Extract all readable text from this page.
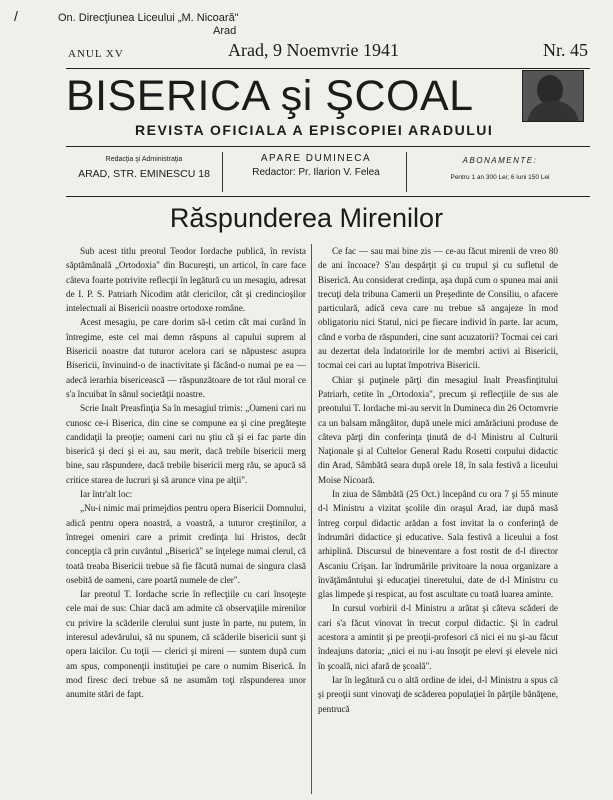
/	On. Direcţiunea Liceului „M. Nicoară"
Arad
ANUL XV	Arad, 9 Noemvrie 1941	Nr. 45
BISERICA şi ŞCOAL
REVISTA OFICIALA A EPISCOPIEI ARADULUI
Redacţia şi Administraţia
ARAD, STR. EMINESCU 18
APARE DUMINECA
Redactor: Pr. Ilarion V. Felea
ABONAMENTE:
Pentru 1 an 300 Lei; 6 luni 150 Lei
Răspunderea Mirenilor

Sub acest titlu preotul Teodor Iordache publică, în revista săptămânală „Ortodoxia" din Bucureşti, un articol, în care face câteva foarte potrivite reflecţii în legătură cu un mesagiu, adresat de I. P. S. Patriarh Nicodim atât clericilor, cât şi credincioşilor intelectuali ai Bisericii noastre ortodoxe române.

Acest mesagiu, pe care dorim să-l cetim cât mai curând în întregime, este cel mai demn răspuns al capului suprem al Bisericii noastre dat tuturor acelora cari se năpustesc asupra Bisericii, învinuind-o de inactivitate şi făcând-o numai pe ea — adecă ierarhia bisericească — răspunzătoare de tot răul moral ce s'a încuibat în sânul societăţii noastre.

Scrie Inalt Preasfinţia Sa în mesagiul trimis: „Oameni cari nu cunosc ce-i Biserica, din cine se compune ea şi cine pregăteşte candidaţii la preoţie; oameni cari nu ştiu că şi ei fac parte din biserică şi deci şi ei au, sau merit, dacă trebile bisericii merg bine, sau răspundere, dacă trebile bisericii merg rău, se apucă să critice starea de lucruri şi să arunce vina pe alţii".

Iar într'alt loc:

„Nu-i nimic mai primejdios pentru opera Bisericii Domnului, adică pentru opera noastră, a voastră, a tuturor creştinilor, a întregei omeniri care a primit credinţa lui Hristos, decât concepţia că prin cuvântul „Biserică" se înţelege numai clerul, că toată treaba Bisericii trebue să fie făcută numai de singura clasă osebită de oameni, care poartă numele de cler".

Iar preotul T. Iordache scrie în reflecţiile cu cari însoţeşte cele mai de sus: Chiar dacă am admite că observaţiile mirenilor cu privire la scăderile clerului sunt juste în parte, nu putem, în interesul adevărului, să nu spunem, că scăderile bisericii sunt şi opera laicilor. Cu toţii — clerici şi mireni — suntem după cum am spus, componenţii instituţiei pe care o numim Biserică. In mod firesc deci trebue să ne asumăm toţi răspunderea unor anumite stări de fapt.

Ce fac — sau mai bine zis — ce-au făcut mirenii de vreo 80 de ani încoace? S'au despărţit şi cu trupul şi cu sufletul de Biserică. Au considerat credinţa, aşa după cum o spunea mai anii trecuţi dela tribuna Camerii un Preşedinte de Consiliu, o afacere particulară, adică ceva care nu trebue să angajeze în mod obligatoriu nici Statul, nici pe fiecare individ în parte. Iar acum, când e vorba de răspunderi, cine sunt acuzatorii? Tocmai cei cari au dezertat dela îndatoririle lor de membri activi ai Bisericii, tocmai cei cari au luptat împotriva Bisericii.

Chiar şi puţinele părţi din mesagiul Inalt Preasfinţitului Patriarh, cetite în „Ortodoxia", precum şi reflecţiile de sus ale preotului T. Iordache mi-au servit în Dumineca din 26 Octomvrie ca un balsam mângâitor, după unele mici amărăciuni produse de câteva părţi din conferinţa ţinută de d-l Ministru al Culturii Naţionale şi al Cultelor General Radu Rosetti corpului didactic din Arad, Sâmbătă seara după orele 18, în sala festivă a liceului Moise Nicoară.

In ziua de Sâmbătă (25 Oct.) începând cu ora 7 şi 55 minute d-l Ministru a vizitat şcolile din oraşul Arad, iar după masă întreg corpul didactic arădan a fost invitat la o conferinţă de îndrumări didactice şi educative. Sala festivă a liceului a fost arhiplină. Discursul de bineventare a fost rostit de d-l director Ascaniu Crişan. Iar îndrumările privitoare la noua organizare a învăţământului şi educaţiei tineretului, date de d-l Ministru cu glas limpede şi respicat, au fost ascultate cu toată luarea aminte.

In cursul vorbirii d-l Ministru a arătat şi câteva scăderi de cari s'a făcut vinovat în trecut corpul didactic. Şi în cadrul acestora a amintit şi pe preoţii-profesori că nici ei nu şi-au făcut îndeajuns datoria; „nici ei nu i-au însoţit pe elevi şi elevele nici în şcoală, nici afară de şcoală".

Iar în legătură cu o altă ordine de idei, d-l Ministru a spus că şi preoţii sunt vinovaţi de scăderea populaţiei în părţile bănăţene, pentrucă
